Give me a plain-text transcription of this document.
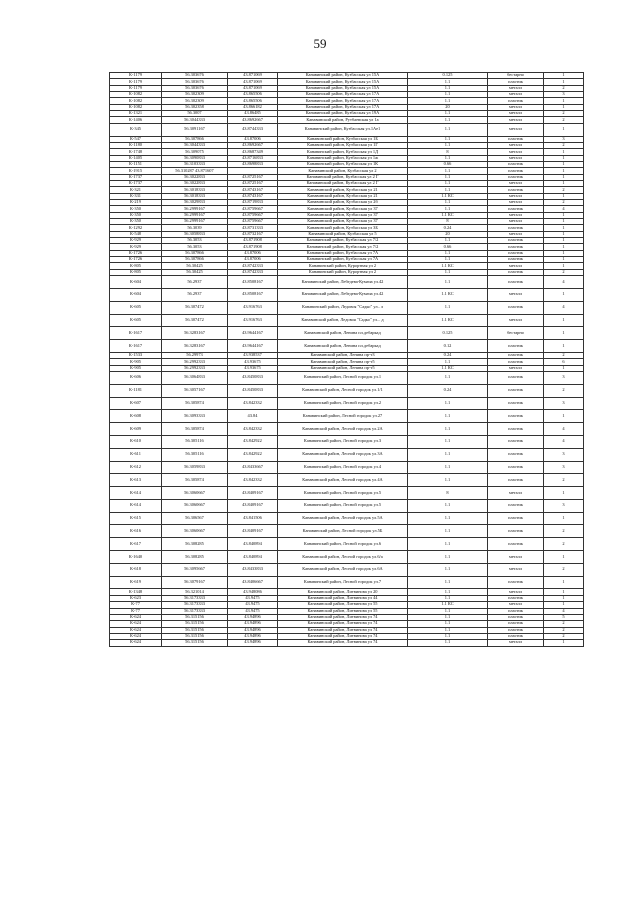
59
К-1179	56.303676	43.871069	Канавинский район, Кузбасская ул 15А	0.125	бестарно	1
К-1179	56.303676	43.871069	Канавинский район, Кузбасская ул 15А	1.1	пластик	1
К-1179	56.303676	43.871069	Канавинский район, Кузбасская ул 15А	1.1	металл	2
К-1082	56.302309	43.865506	Канавинский район, Кузбасская ул 17А	1.1	металл	3
К-1082	56.302309	43.865506	Канавинский район, Кузбасская ул 17А	1.1	пластик	1
К-1082	56.302358	43.866182	Канавинский район, Кузбасская ул 17А	20	металл	1
К-1321	56.3007	43.86485	Канавинский район, Кузбасская ул 19А	1.1	металл	2
К-1406	56.3044333	43.8692667	Канавинский район, Рутбаевская ул 1а	1.1	металл	2
К-345	56.3091167	43.8744333	Канавинский район, Кузбасская ул.1Ае1	1.1	металл	1
К-547	56.307866	43.87006	Канавинский район, Кузбасская ул 1Б	1.1	пластик	3
К-1180	56.3044333	43.8692667	Канавинский район, Кузбасская ул 1Г	1.1	металл	2
К-1748	56.309075	43.8687349	Канавинский район, Кузбасская ул 1Д	8	металл	1
К-1405	56.3090833	43.8716833	Канавинский район, Кузбасская ул 1ж	1.1	металл	1
К-1151	56.3103333	43.8698833	Канавинский район, Кузбасская ул 1К	0.66	пластик	1
К-1915	56.310287 43.871607		Канавинский район, Кузбасская ул 2	1.1	пластик	1
К-1737	56.3022833	43.8725167	Канавинский район, Кузбасская ул 2 Г	1.1	пластик	1
К-1737	56.3022833	43.8725167	Канавинский район, Кузбасская ул 2 Г	1.1	металл	1
К-321	56.3018333	43.8743167	Канавинский район, Кузбасская ул 21	1.1	пластик	2
К-331	56.3018333	43.8743167	Канавинский район, Кузбасская ул 21	1.1 КС	металл	1
К-219	56.3029833	43.8719833	Канавинский район, Кузбасская ул 2б	1.1	металл	2
К-350	56.2999167	43.8759667	Канавинский район, Кузбасская ул 37	1.1	пластик	4
К-350	56.2999167	43.8759667	Канавинский район, Кузбасская ул 37	1.1 КС	металл	1
К-350	56.2999167	43.8759667	Канавинский район, Кузбасская ул 37	8	металл	1
К-1292	56.3039	43.8731333	Канавинский район, Кузбасская ул 3Б	0.24	пластик	1
К-548	56.3058833	43.8732167	Канавинский район, Кузбасская ул 5	20	металл	1
К-929	56.3053	43.871908	Канавинский район, Кузбасская ул 7/2	1.1	пластик	1
К-929	56.3053	43.871908	Канавинский район, Кузбасская ул 7/2	0.66	пластик	1
К-1726	56.307866	43.87006	Канавинский район, Кузбасская ул 7А	1.1	пластик	1
К-1726	56.307866	43.87006	Канавинский район, Кузбасская ул 7А	1.1	пластик	1
К-805	56.30425	43.8742333	Канавинский район, Курортная ул 2	1.1 КС	металл	1
К-805	56.30425	43.8742333	Канавинский район, Курортная ул 2	1.1	пластик	2
К-604	56.2937	43.8508167	Канавинский район, Лебедева-Кумача ул.42	1.1	пластик	4
К-604	56.2937	43.8508167	Канавинский район, Лебедева-Кумача ул.42	1.1 КС	металл	1
К-605	56.307472	43.916763	Канавинский район, Ледовоя "Садко" ул.. л	1.1	пластик	4
К-605	56.307472	43.916763	Канавинский район, Ледовоя "Садко" ул... д	1.1 КС	металл	1
К-1617	56.3283167	43.9644167	Канавинский район, Ленина пл.дебаркад	0.125	бестарно	1
К-1617	56.3283167	43.9644167	Канавинский район, Ленина пл.дебаркад	0.12	пластик	1
К-1533	56.29973	43.938537	Канавинский район, Ленина пр-т3	0.24	пластик	2
К-905	56.2992333	43.93675	Канавинский район, Ленина пр-т5	1.1	пластик	6
К-905	56.2992333	43.93675	Канавинский район, Ленина пр-т5	1.1 КС	металл	1
К-606	56.3064833	43.8450833	Канавинский район, Лесной городок ул.1	1.1	пластик	3
К-1181	56.3057167	43.8450833	Канавинский район, Лесной городок ул.1/1	0.24	пластик	2
К-607	56.305874	43.842332	Канавинский район, Лесной городок ул.2	1.1	пластик	3
К-608	56.3093333	43.84	Канавинский район, Лесной городок ул.27	1.1	пластик	1
К-609	56.305874	43.842332	Канавинский район, Лесной городок ул.2А	1.1	пластик	4
К-610	56.305116	43.842922	Канавинский район, Лесной городок ул.3	1.1	пластик	4
К-611	56.305116	43.842922	Канавинский район, Лесной городок ул.3А	1.1	пластик	3
К-612	56.3059833	43.8433667	Канавинский район, Лесной городок ул.4	1.1	пластик	3
К-613	56.305874	43.842332	Канавинский район, Лесной городок ул.4А	1.1	пластик	2
К-614	56.3060667	43.8409167	Канавинский район, Лесной городок ул.5	8	металл	1
К-614	56.3060667	43.8409167	Канавинский район, Лесной городок ул.5	1.1	пластик	3
К-615	56.306567	43.841506	Канавинский район, Лесной городок ул.5А	1.1	пластик	1
К-616	56.3060667	43.8409167	Канавинский район, Лесной городок ул.5Б	1.1	пластик	2
К-617	56.308285	43.840894	Канавинский район, Лесной городок ул.6	1.1	пластик	2
К-1640	56.308285	43.840894	Канавинский район, Лесной городок ул.6/а	1.1	металл	1
К-618	56.3095667	43.8433833	Канавинский район, Лесной городок ул.6А	1.1	металл	2
К-619	56.3079167	43.8406667	Канавинский район, Лесной городок ул.7	1.1	пластик	1
К-1348	56.321014	43.948086	Канавинский район, Литвинова ул 20	1.1	металл	1
К-623	56.3173333	43.9475	Канавинский район, Литвинова ул 44	1.1	пластик	1
К-77	56.3173333	43.9475	Канавинский район, Литвинова ул 55	1.1 КС	металл	1
К-77	56.3173333	43.9475	Канавинский район, Литвинова ул 55	1.1	пластик	4
К-624	56.315156	43.94896	Канавинский район, Литвинова ул 74	1.1	пластик	5
К-624	56.315156	43.94896	Канавинский район, Литвинова ул 74	1.1	пластик	2
К-624	56.315156	43.94896	Канавинский район, Литвинова ул 74	1.1	пластик	2
К-624	56.315156	43.94896	Канавинский район, Литвинова ул 74	1.1	пластик	2
К-624	56.315156	43.94896	Канавинский район, Литвинова ул 74	1.1	металл	1
